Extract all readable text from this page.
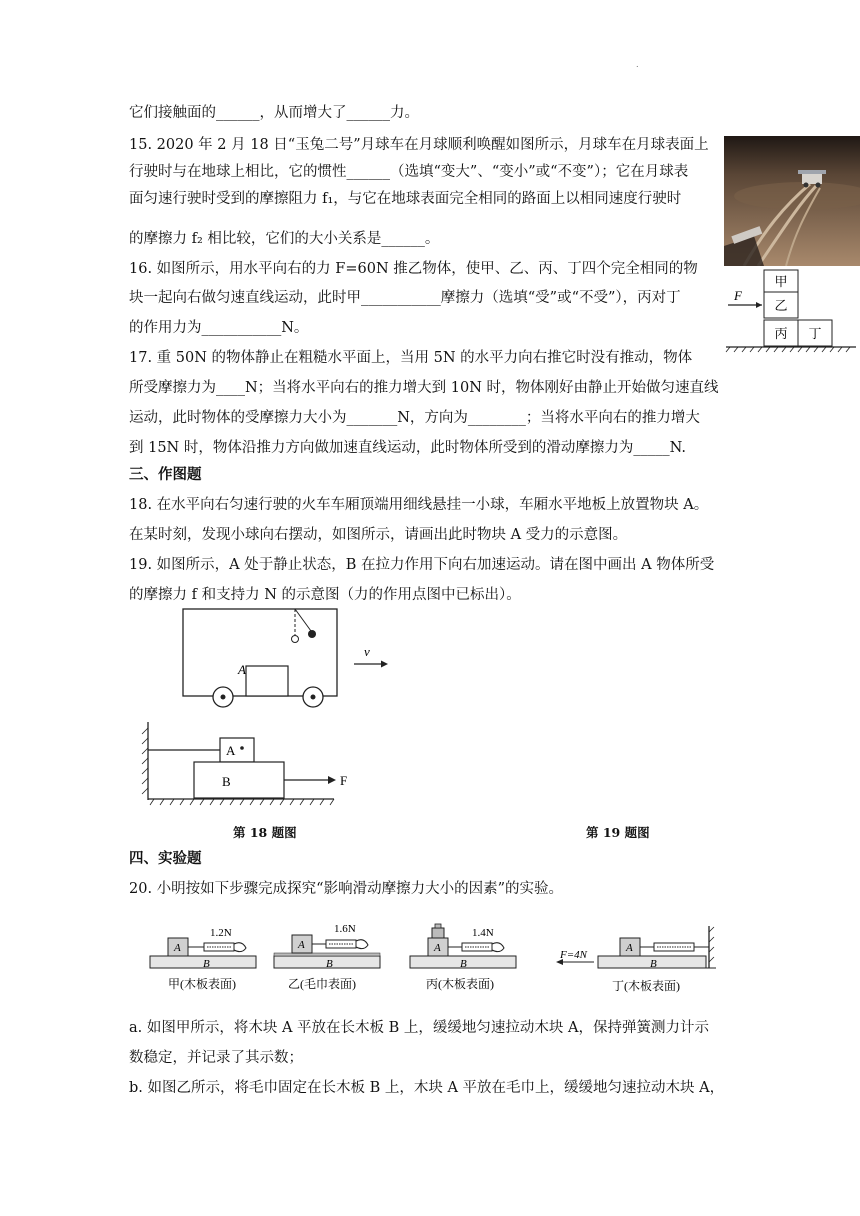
.
它们接触面的______，从而增大了______力。
15. 2020 年 2 月 18 日“玉兔二号”月球车在月球顺利唤醒如图所示，月球车在月球表面上
行驶时与在地球上相比，它的惯性______（选填“变大”、“变小”或“不变”）；它在月球表
面匀速行驶时受到的摩擦阻力 f₁，与它在地球表面完全相同的路面上以相同速度行驶时
的摩擦力 f₂ 相比较，它们的大小关系是______。
16. 如图所示，用水平向右的力 F=60N 推乙物体，使甲、乙、丙、丁四个完全相同的物
块一起向右做匀速直线运动，此时甲___________摩擦力（选填“受”或“不受”），丙对丁
的作用力为___________N。
17. 重 50N 的物体静止在粗糙水平面上，当用 5N 的水平力向右推它时没有推动，物体
所受摩擦力为____N；当将水平向右的推力增大到 10N 时，物体刚好由静止开始做匀速直线
运动，此时物体的受摩擦力大小为_______N，方向为________；当将水平向右的推力增大
到 15N 时，物体沿推力方向做加速直线运动，此时物体所受到的滑动摩擦力为_____N.
三、作图题
18. 在水平向右匀速行驶的火车车厢顶端用细线悬挂一小球，车厢水平地板上放置物块 A。
在某时刻，发现小球向右摆动，如图所示，请画出此时物块 A 受力的示意图。
19. 如图所示，A 处于静止状态，B 在拉力作用下向右加速运动。请在图中画出 A 物体所受
的摩擦力 f 和支持力 N 的示意图（力的作用点图中已标出）。
四、实验题
20. 小明按如下步骤完成探究“影响滑动摩擦力大小的因素”的实验。
a. 如图甲所示，将木块 A 平放在长木板 B 上，缓缓地匀速拉动木块 A，保持弹簧测力计示
数稳定，并记录了其示数；
b. 如图乙所示，将毛巾固定在长木板 B 上，木块 A 平放在毛巾上，缓缓地匀速拉动木块 A，
甲
乙
丙 丁
F
A
v
A
B	F
第 18 题图	第 19 题图
A
B
1.2N
甲(木板表面)
A
B
1.6N
乙(毛巾表面)
A
B
1.4N
丙(木板表面)
A
B
F=4N
丁(木板表面)
